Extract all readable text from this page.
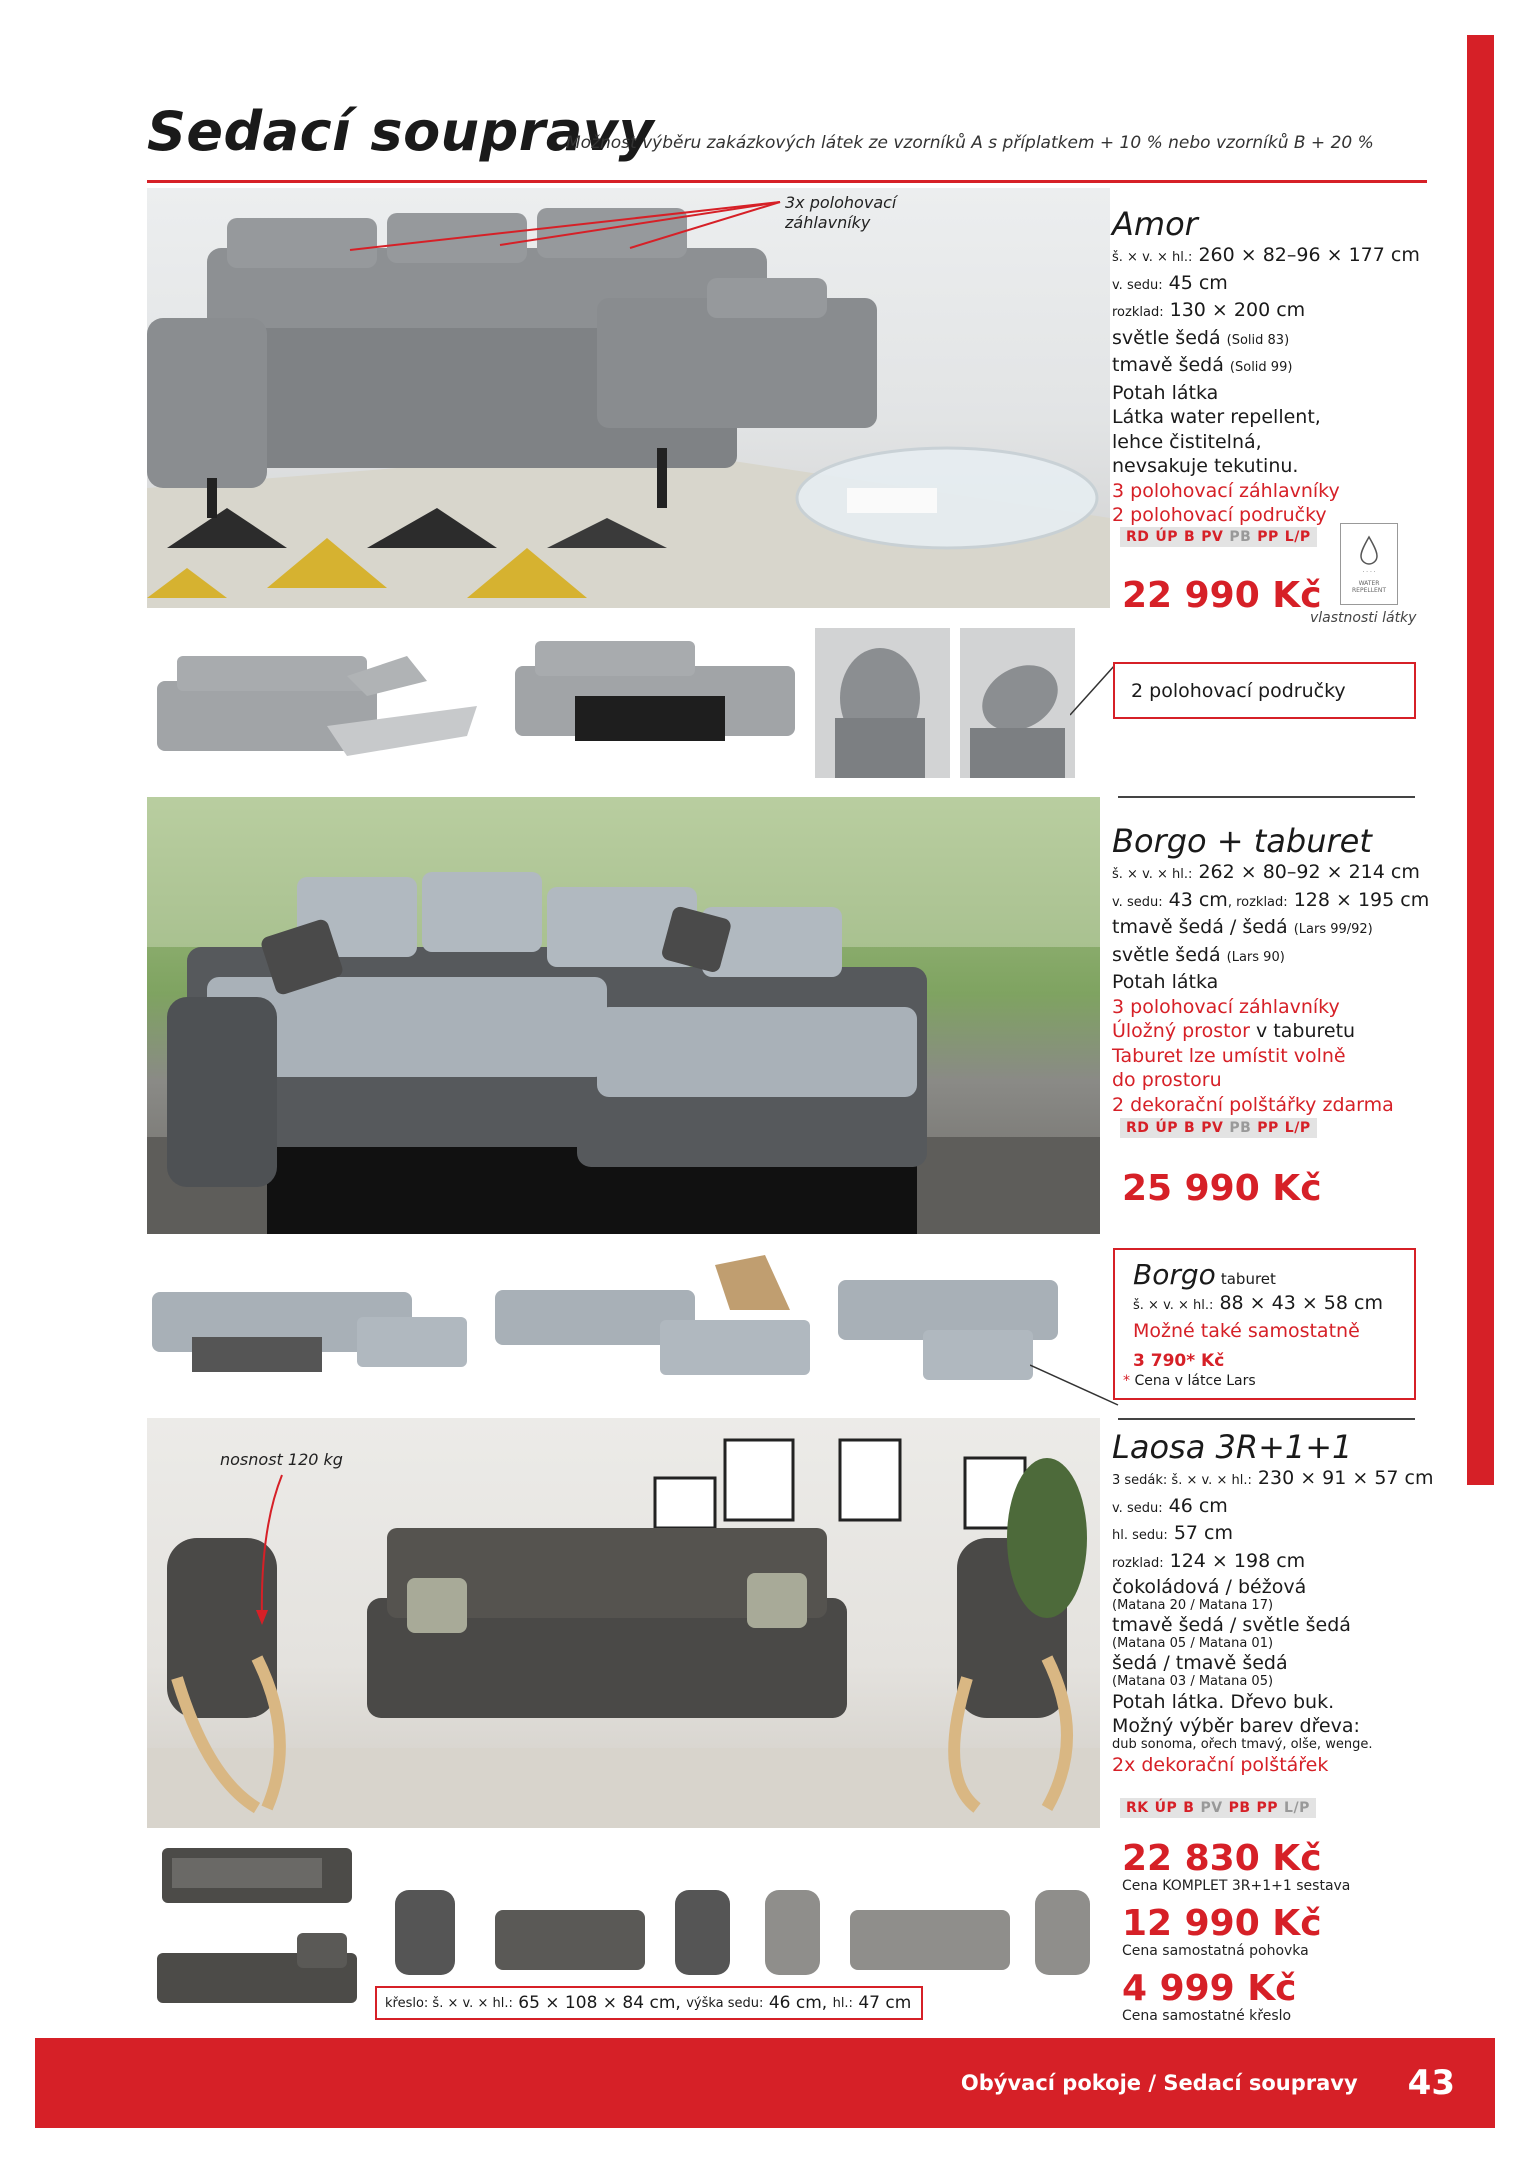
Sedací soupravy
Možnost výběru zakázkových látek ze vzorníků A s příplatkem + 10 % nebo vzorníků B + 20 %
3x polohovací
záhlavníky	Amor
š. × v. × hl.: 260 × 82–96 × 177 cm
v. sedu: 45 cm
rozklad: 130 × 200 cm
světle šedá (Solid 83)
tmavě šedá (Solid 99)
Potah látka
Látka water repellent,
lehce čistitelná,
nevsakuje tekutinu.
3 polohovací záhlavníky
2 polohovací područky
RD ÚP B PV PB PP L/P
· · · ·
WATER REPELLENT
22 990 Kč
vlastnosti látky
2 polohovací područky
Borgo + taburet
š. × v. × hl.: 262 × 80–92 × 214 cm
v. sedu: 43 cm, rozklad: 128 × 195 cm
tmavě šedá / šedá (Lars 99/92)
světle šedá (Lars 90)
Potah látka
3 polohovací záhlavníky
Úložný prostor v taburetu
Taburet lze umístit volně
do prostoru
2 dekorační polštářky zdarma
RD ÚP B PV PB PP L/P
25 990 Kč
Borgo taburet
š. × v. × hl.: 88 × 43 × 58 cm
Možné také samostatně
3 790* Kč
* Cena v látce Lars
nosnost 120 kg	Laosa 3R+1+1
3 sedák: š. × v. × hl.: 230 × 91 × 57 cm
v. sedu: 46 cm
hl. sedu: 57 cm
rozklad: 124 × 198 cm
čokoládová / béžová
(Matana 20 / Matana 17)
tmavě šedá / světle šedá
(Matana 05 / Matana 01)
šedá / tmavě šedá
(Matana 03 / Matana 05)
Potah látka. Dřevo buk.
Možný výběr barev dřeva:
dub sonoma, ořech tmavý, olše, wenge.
2x dekorační polštářek
RK ÚP B PV PB PP L/P
22 830 Kč
Cena KOMPLET 3R+1+1 sestava
12 990 Kč
Cena samostatná pohovka
4 999 Kč
Cena samostatné křeslo
křeslo: š. × v. × hl.:
65 × 108 × 84 cm , výška sedu:
46 cm,
hl.:
47 cm
Obývací pokoje / Sedací soupravy 43
